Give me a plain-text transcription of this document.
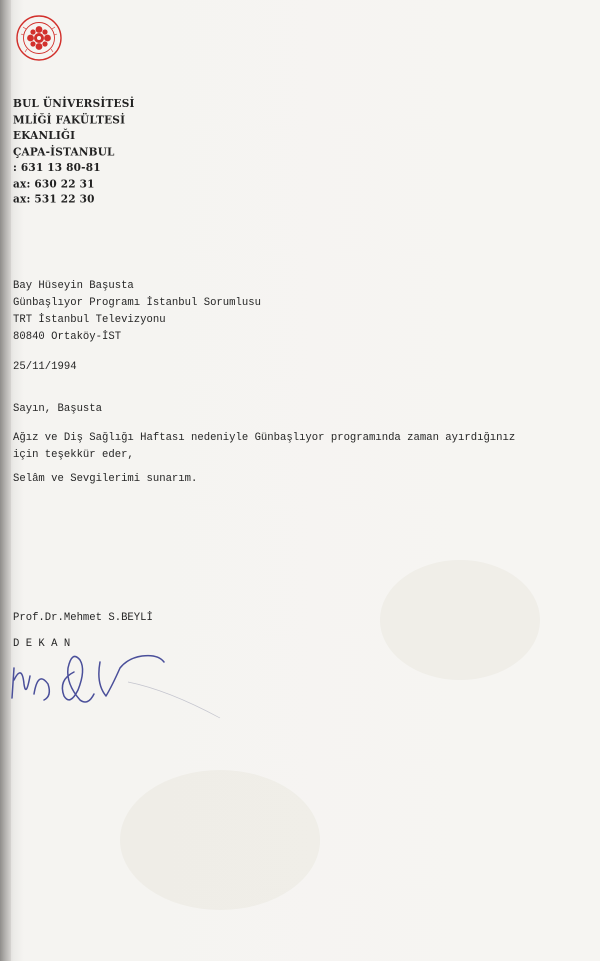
BUL ÜNİVERSİTESİ
MLİĞİ FAKÜLTESİ
EKANLIĞI
ÇAPA-İSTANBUL
: 631 13 80-81
ax: 630 22 31
ax: 531 22 30
Bay Hüseyin Başusta
Günbaşlıyor Programı İstanbul Sorumlusu
TRT İstanbul Televizyonu
80840 Ortaköy-İST
25/11/1994
Sayın, Başusta
Ağız ve Diş Sağlığı Haftası nedeniyle Günbaşlıyor programında zaman ayırdığınız
için teşekkür eder,
Selâm ve Sevgilerimi sunarım.
Prof.Dr.Mehmet S.BEYLİ
D E K A N
